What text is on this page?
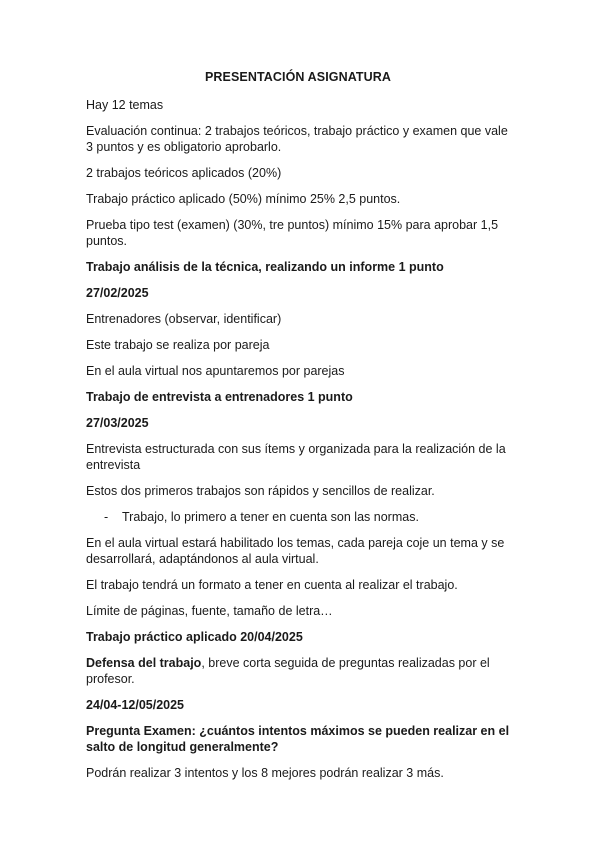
PRESENTACIÓN ASIGNATURA

Hay 12 temas

Evaluación continua: 2 trabajos teóricos, trabajo práctico y examen que vale 3 puntos y es obligatorio aprobarlo.

2 trabajos teóricos aplicados (20%)

Trabajo práctico aplicado (50%) mínimo 25% 2,5 puntos.

Prueba tipo test (examen) (30%, tre puntos) mínimo 15% para aprobar 1,5 puntos.

Trabajo análisis de la técnica, realizando un informe 1 punto

27/02/2025

Entrenadores (observar, identificar)

Este trabajo se realiza por pareja

En el aula virtual nos apuntaremos por parejas

Trabajo de entrevista a entrenadores 1 punto

27/03/2025

Entrevista estructurada con sus ítems y organizada para la realización de la entrevista

Estos dos primeros trabajos son rápidos y sencillos de realizar.

-	Trabajo, lo primero a tener en cuenta son las normas.

En el aula virtual estará habilitado los temas, cada pareja coje un tema y se desarrollará, adaptándonos al aula virtual.

El trabajo tendrá un formato a tener en cuenta al realizar el trabajo.

Límite de páginas, fuente, tamaño de letra…

Trabajo práctico aplicado 20/04/2025

Defensa del trabajo, breve corta seguida de preguntas realizadas por el profesor.

24/04-12/05/2025

Pregunta Examen: ¿cuántos intentos máximos se pueden realizar en el salto de longitud generalmente?

Podrán realizar 3 intentos y los 8 mejores podrán realizar 3 más.
